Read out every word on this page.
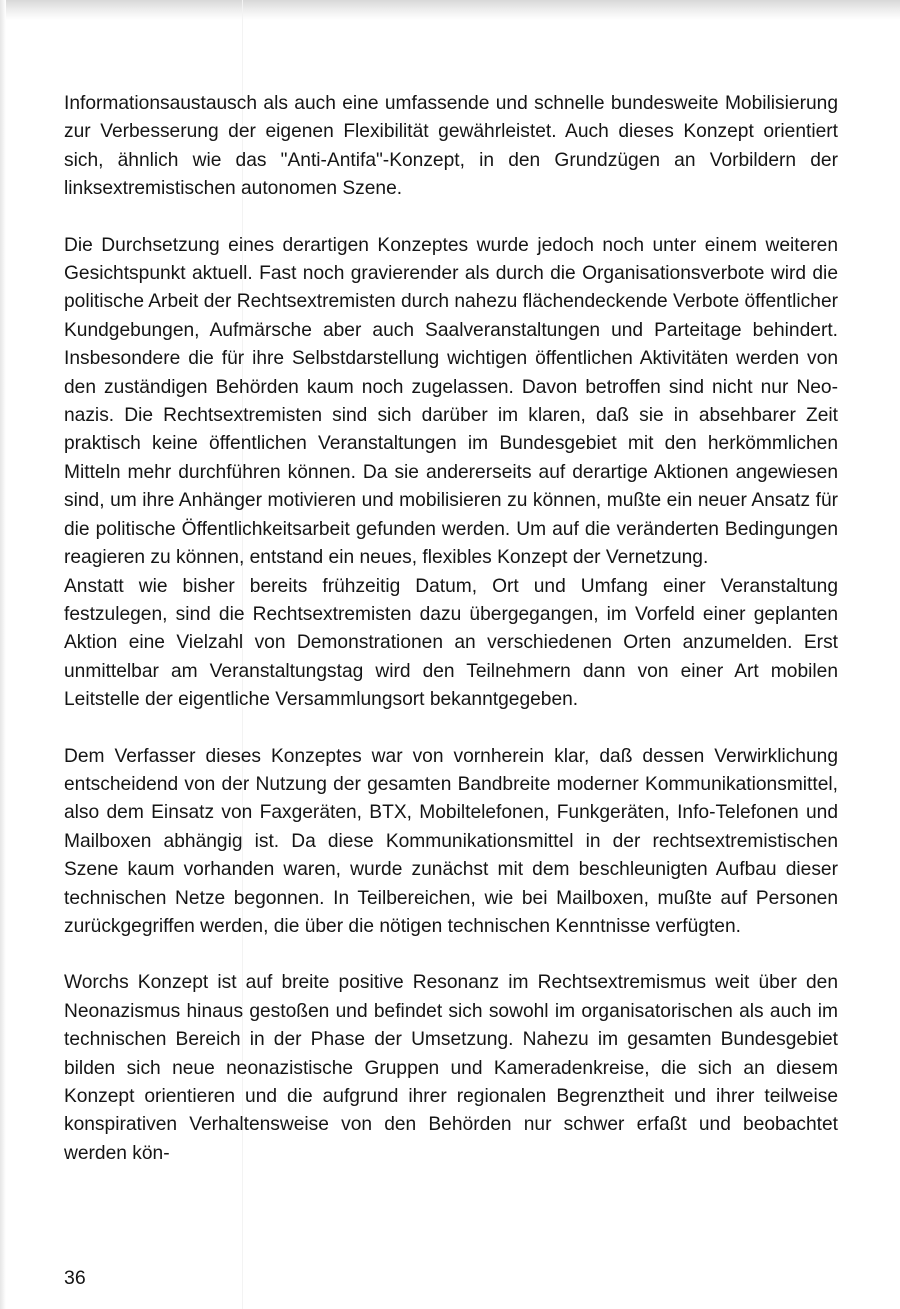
Informationsaustausch als auch eine umfassende und schnelle bundesweite Mobilisierung zur Verbesserung der eigenen Flexibilität gewährleistet. Auch dieses Konzept orientiert sich, ähnlich wie das "Anti-Antifa"-Konzept, in den Grundzügen an Vorbildern der linksextremistischen autonomen Szene.

Die Durchsetzung eines derartigen Konzeptes wurde jedoch noch unter einem weiteren Gesichtspunkt aktuell. Fast noch gravierender als durch die Organisationsverbote wird die politische Arbeit der Rechtsextremisten durch nahezu flächendeckende Verbote öffentlicher Kundgebungen, Aufmärsche aber auch Saalveranstaltungen und Parteitage behindert. Insbesondere die für ihre Selbstdarstellung wichtigen öffentlichen Aktivitäten werden von den zuständigen Behörden kaum noch zugelassen. Davon betroffen sind nicht nur Neonazis. Die Rechtsextremisten sind sich darüber im klaren, daß sie in absehbarer Zeit praktisch keine öffentlichen Veranstaltungen im Bundesgebiet mit den herkömmlichen Mitteln mehr durchführen können. Da sie andererseits auf derartige Aktionen angewiesen sind, um ihre Anhänger motivieren und mobilisieren zu können, mußte ein neuer Ansatz für die politische Öffentlichkeitsarbeit gefunden werden. Um auf die veränderten Bedingungen reagieren zu können, entstand ein neues, flexibles Konzept der Vernetzung.

Anstatt wie bisher bereits frühzeitig Datum, Ort und Umfang einer Veranstaltung festzulegen, sind die Rechtsextremisten dazu übergegangen, im Vorfeld einer geplanten Aktion eine Vielzahl von Demonstrationen an verschiedenen Orten anzumelden. Erst unmittelbar am Veranstaltungstag wird den Teilnehmern dann von einer Art mobilen Leitstelle der eigentliche Versammlungsort bekanntgegeben.

Dem Verfasser dieses Konzeptes war von vornherein klar, daß dessen Verwirklichung entscheidend von der Nutzung der gesamten Bandbreite moderner Kommunikationsmittel, also dem Einsatz von Faxgeräten, BTX, Mobiltelefonen, Funkgeräten, Info-Telefonen und Mailboxen abhängig ist. Da diese Kommunikationsmittel in der rechtsextremistischen Szene kaum vorhanden waren, wurde zunächst mit dem beschleunigten Aufbau dieser technischen Netze begonnen. In Teilbereichen, wie bei Mailboxen, mußte auf Personen zurückgegriffen werden, die über die nötigen technischen Kenntnisse verfügten.

Worchs Konzept ist auf breite positive Resonanz im Rechtsextremismus weit über den Neonazismus hinaus gestoßen und befindet sich sowohl im organisatorischen als auch im technischen Bereich in der Phase der Umsetzung. Nahezu im gesamten Bundesgebiet bilden sich neue neonazistische Gruppen und Kameradenkreise, die sich an diesem Konzept orientieren und die aufgrund ihrer regionalen Begrenztheit und ihrer teilweise konspirativen Verhaltensweise von den Behörden nur schwer erfaßt und beobachtet werden kön-

36
